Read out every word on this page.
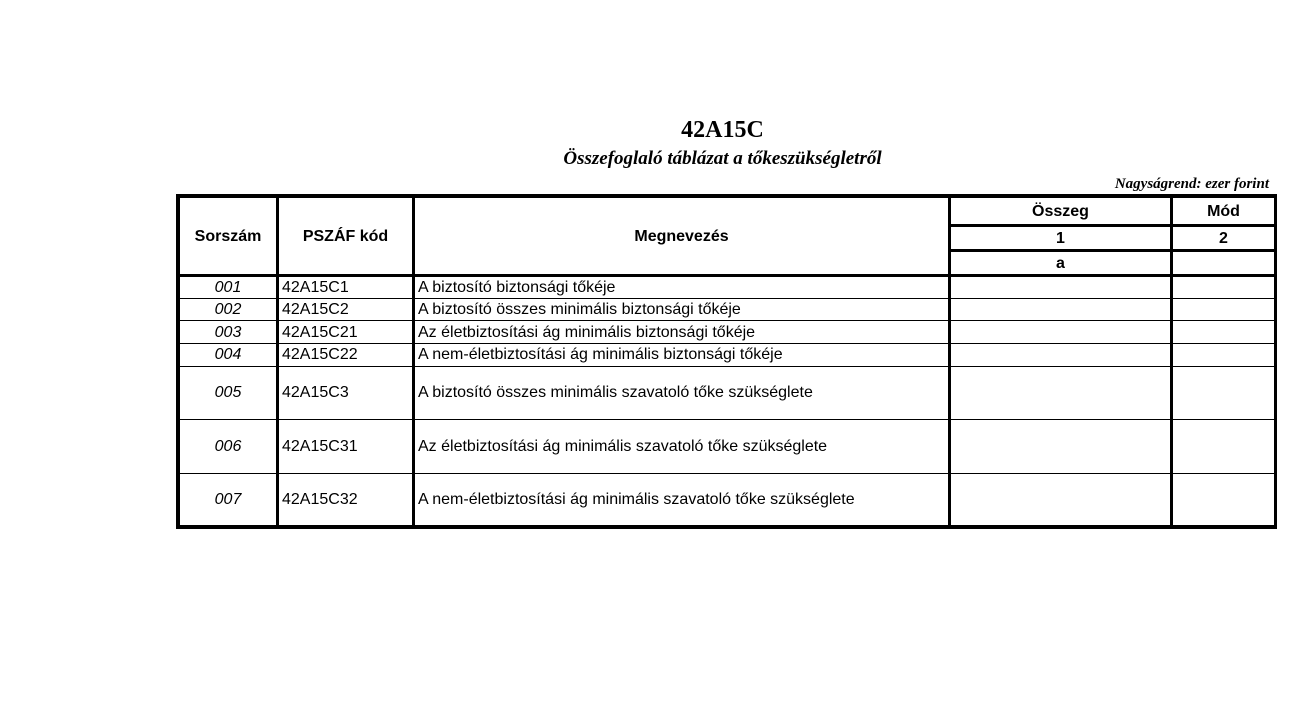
42A15C
Összefoglaló táblázat a tőkeszükségletről
Nagyságrend: ezer forint
Sorszám	PSZÁF kód	Megnevezés	Összeg	Mód
			1	2
			a	
001	42A15C1	A biztosító biztonsági tőkéje		
002	42A15C2	A biztosító összes minimális biztonsági tőkéje		
003	42A15C21	Az életbiztosítási ág minimális biztonsági tőkéje		
004	42A15C22	A nem-életbiztosítási ág minimális biztonsági tőkéje		
005	42A15C3	A biztosító összes minimális szavatoló tőke szükséglete		
006	42A15C31	Az életbiztosítási ág minimális szavatoló tőke szükséglete		
007	42A15C32	A nem-életbiztosítási ág minimális szavatoló tőke szükséglete		
